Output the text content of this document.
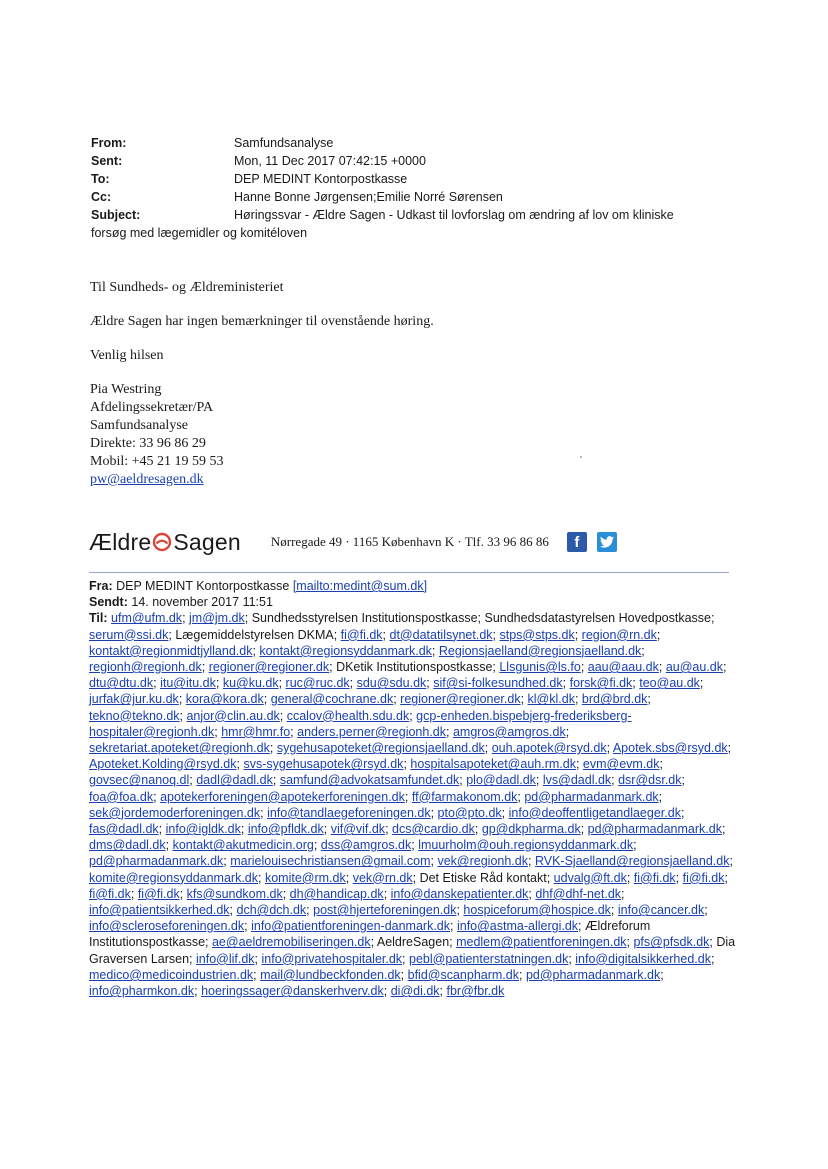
From:	Samfundsanalyse
Sent:	Mon, 11 Dec 2017 07:42:15 +0000
To:	DEP MEDINT Kontorpostkasse
Cc:	Hanne Bonne Jørgensen;Emilie Norré Sørensen
Subject:	Høringssvar - Ældre Sagen - Udkast til lovforslag om ændring af lov om kliniske
forsøg med lægemidler og komitéloven

Til Sundheds- og Ældreministeriet

Ældre Sagen har ingen bemærkninger til ovenstående høring.

Venlig hilsen

Pia Westring

Afdelingssekretær/PA

Samfundsanalyse

Direkte: 33 96 86 29

Mobil: +45 21 19 59 53

pw@aeldresagen.dk

Ældre Sagen Nørregade 49 · 1165 København K · Tlf. 33 96 86 86	f
Fra: DEP MEDINT Kontorpostkasse [mailto:medint@sum.dk]
Sendt: 14. november 2017 11:51
Til: ufm@ufm.dk; jm@jm.dk; Sundhedsstyrelsen Institutionspostkasse; Sundhedsdatastyrelsen Hovedpostkasse; serum@ssi.dk; Lægemiddelstyrelsen DKMA; fi@fi.dk; dt@datatilsynet.dk; stps@stps.dk; region@rn.dk; kontakt@regionmidtjylland.dk; kontakt@regionsyddanmark.dk; Regionsjaelland@regionsjaelland.dk; regionh@regionh.dk; regioner@regioner.dk; DKetik Institutionspostkasse; Llsgunis@ls.fo; aau@aau.dk; au@au.dk; dtu@dtu.dk; itu@itu.dk; ku@ku.dk; ruc@ruc.dk; sdu@sdu.dk; sif@si-folkesundhed.dk; forsk@fi.dk; teo@au.dk; jurfak@jur.ku.dk; kora@kora.dk; general@cochrane.dk; regioner@regioner.dk; kl@kl.dk; brd@brd.dk; tekno@tekno.dk; anjor@clin.au.dk; ccalov@health.sdu.dk; gcp-enheden.bispebjerg-frederiksberg-hospitaler@regionh.dk; hmr@hmr.fo; anders.perner@regionh.dk; amgros@amgros.dk; sekretariat.apoteket@regionh.dk; sygehusapoteket@regionsjaelland.dk; ouh.apotek@rsyd.dk; Apotek.sbs@rsyd.dk; Apoteket.Kolding@rsyd.dk; svs-sygehusapotek@rsyd.dk; hospitalsapoteket@auh.rm.dk; evm@evm.dk; govsec@nanoq.dl; dadl@dadl.dk; samfund@advokatsamfundet.dk; plo@dadl.dk; lvs@dadl.dk; dsr@dsr.dk; foa@foa.dk; apotekerforeningen@apotekerforeningen.dk; ff@farmakonom.dk; pd@pharmadanmark.dk; sek@jordemoderforeningen.dk; info@tandlaegeforeningen.dk; pto@pto.dk; info@deoffentligetandlaeger.dk; fas@dadl.dk; info@igldk.dk; info@pfldk.dk; vif@vif.dk; dcs@cardio.dk; gp@dkpharma.dk; pd@pharmadanmark.dk; dms@dadl.dk; kontakt@akutmedicin.org; dss@amgros.dk; lmuurholm@ouh.regionsyddanmark.dk; pd@pharmadanmark.dk; marielouisechristiansen@gmail.com; vek@regionh.dk; RVK-Sjaelland@regionsjaelland.dk; komite@regionsyddanmark.dk; komite@rm.dk; vek@rn.dk; Det Etiske Råd kontakt; udvalg@ft.dk; fi@fi.dk; fi@fi.dk; fi@fi.dk; fi@fi.dk; kfs@sundkom.dk; dh@handicap.dk; info@danskepatienter.dk; dhf@dhf-net.dk; info@patientsikkerhed.dk; dch@dch.dk; post@hjerteforeningen.dk; hospiceforum@hospice.dk; info@cancer.dk; info@scleroseforeningen.dk; info@patientforeningen-danmark.dk; info@astma-allergi.dk; Ældreforum Institutionspostkasse; ae@aeldremobiliseringen.dk; AeldreSagen; medlem@patientforeningen.dk; pfs@pfsdk.dk; Dia Graversen Larsen; info@lif.dk; info@privatehospitaler.dk; pebl@patienterstatningen.dk; info@digitalsikkerhed.dk; medico@medicoindustrien.dk; mail@lundbeckfonden.dk; bfid@scanpharm.dk; pd@pharmadanmark.dk; info@pharmkon.dk; hoeringssager@danskerhverv.dk; di@di.dk; fbr@fbr.dk
